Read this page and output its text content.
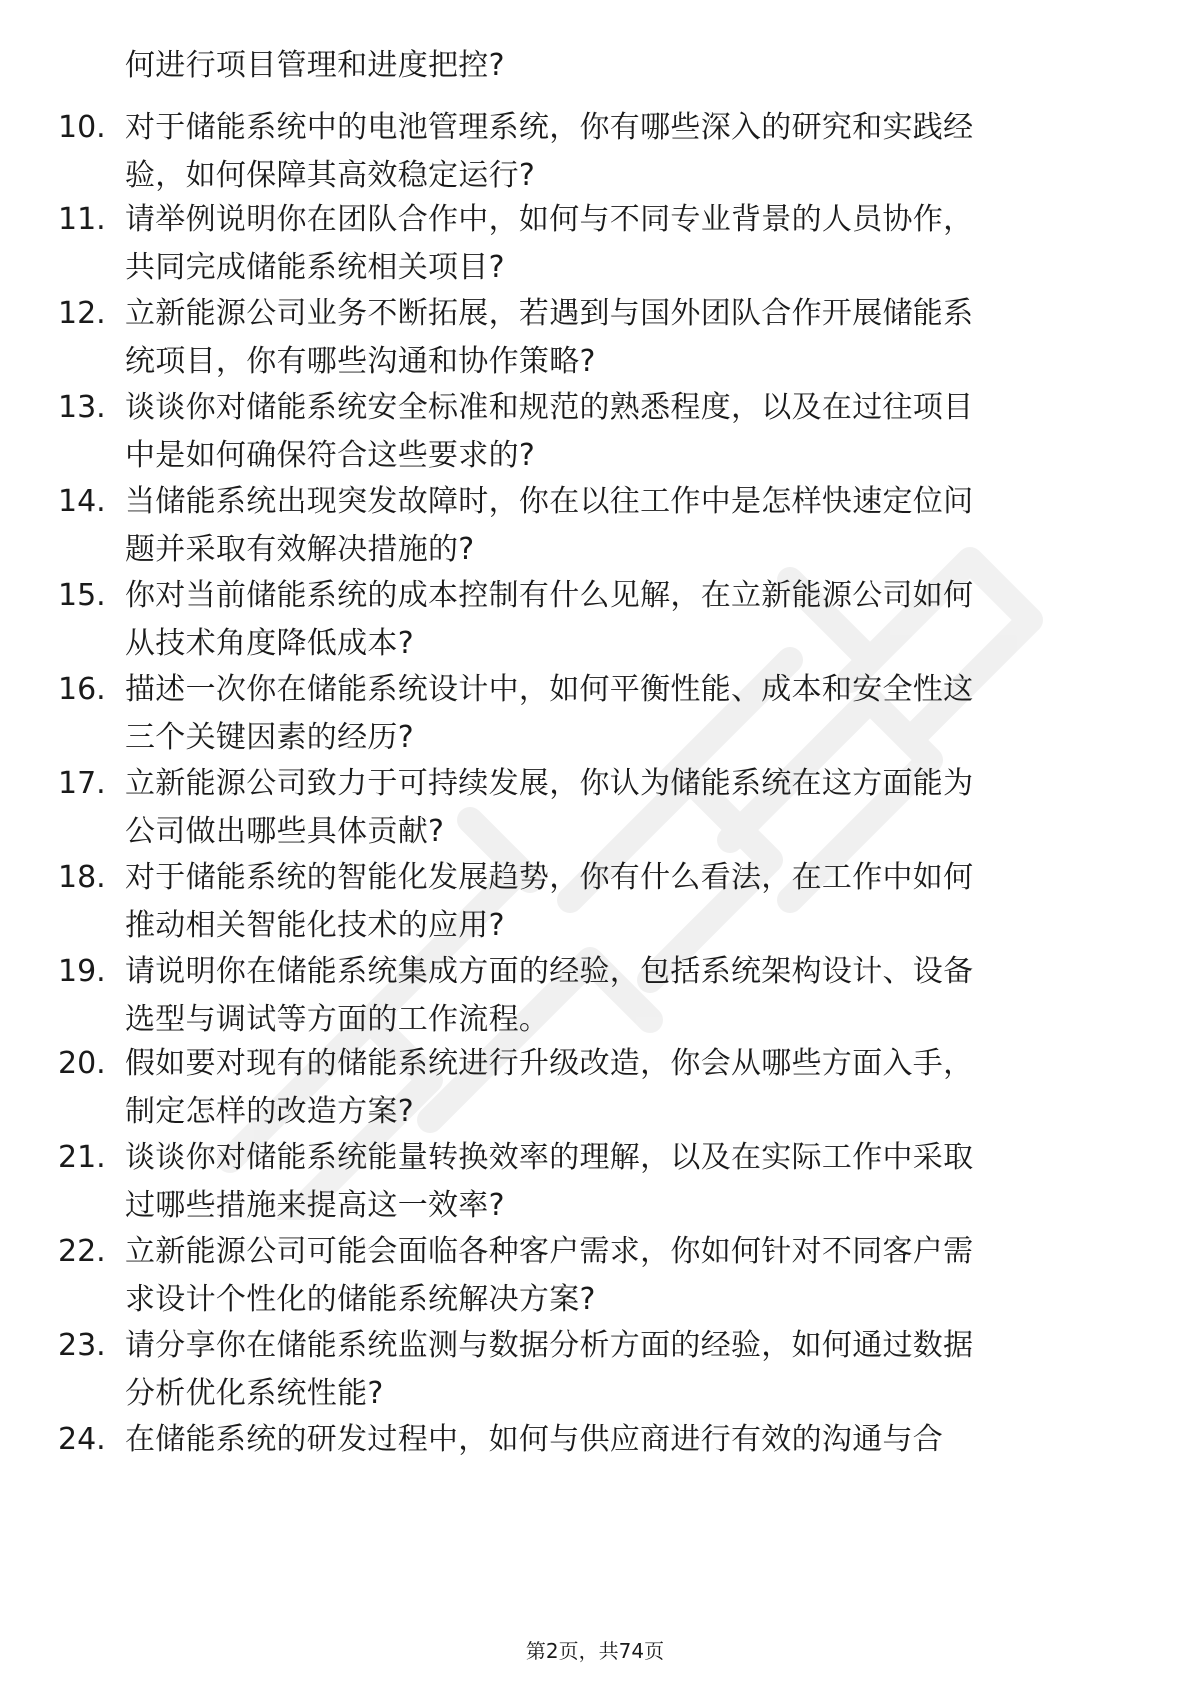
何进行项目管理和进度把控?
10. 对于储能系统中的电池管理系统，你有哪些深入的研究和实践经
验，如何保障其高效稳定运行?
11. 请举例说明你在团队合作中，如何与不同专业背景的人员协作，
共同完成储能系统相关项目?
12. 立新能源公司业务不断拓展，若遇到与国外团队合作开展储能系
统项目，你有哪些沟通和协作策略?
13. 谈谈你对储能系统安全标准和规范的熟悉程度，以及在过往项目
中是如何确保符合这些要求的?
14. 当储能系统出现突发故障时，你在以往工作中是怎样快速定位问
题并采取有效解决措施的?
15. 你对当前储能系统的成本控制有什么见解，在立新能源公司如何
从技术角度降低成本?
16. 描述一次你在储能系统设计中，如何平衡性能、成本和安全性这
三个关键因素的经历?
17. 立新能源公司致力于可持续发展，你认为储能系统在这方面能为
公司做出哪些具体贡献?
18. 对于储能系统的智能化发展趋势，你有什么看法，在工作中如何
推动相关智能化技术的应用?
19. 请说明你在储能系统集成方面的经验，包括系统架构设计、设备
选型与调试等方面的工作流程。
20. 假如要对现有的储能系统进行升级改造，你会从哪些方面入手，
制定怎样的改造方案?
21. 谈谈你对储能系统能量转换效率的理解，以及在实际工作中采取
过哪些措施来提高这一效率?
22. 立新能源公司可能会面临各种客户需求，你如何针对不同客户需
求设计个性化的储能系统解决方案?
23. 请分享你在储能系统监测与数据分析方面的经验，如何通过数据
分析优化系统性能?
24. 在储能系统的研发过程中，如何与供应商进行有效的沟通与合
第2页，共74页
